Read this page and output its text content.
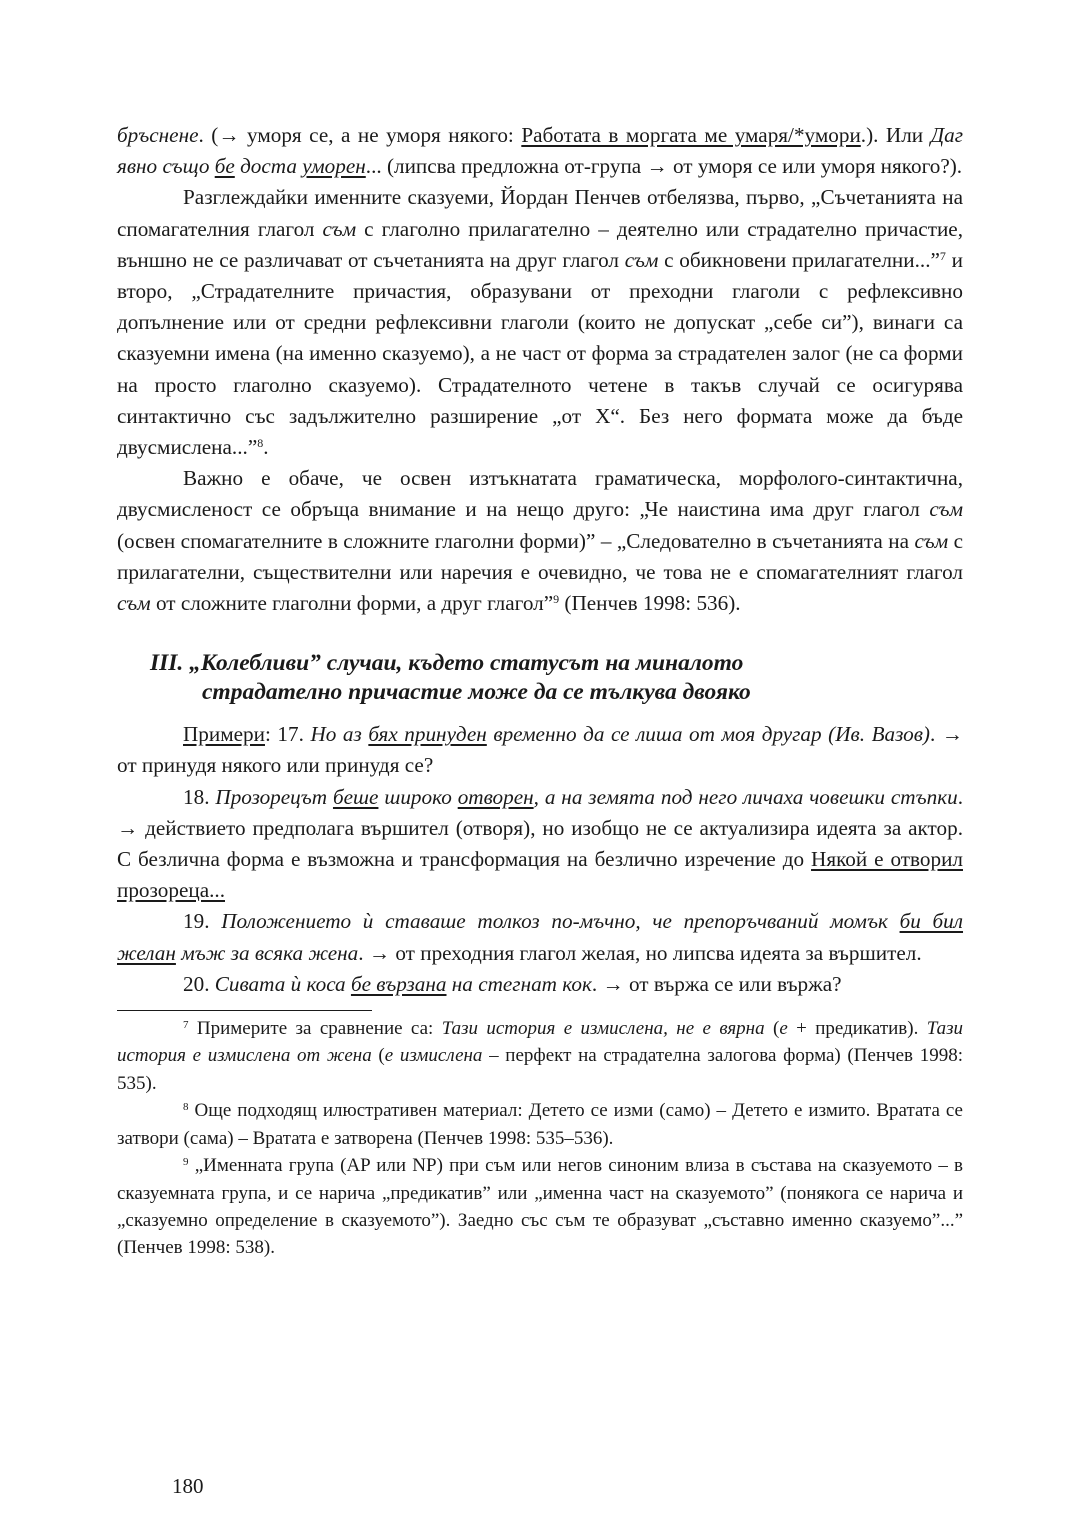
бръснене. (→ уморя се, а не уморя някого: Работата в моргата ме умаря/*умори.). Или Даг явно също бе доста уморен... (липсва предложна от-група → от уморя се или уморя някого?).

Разглеждайки именните сказуеми, Йордан Пенчев отбелязва, първо, „Съчетанията на спомагателния глагол съм с глаголно прилагателно – деятелно или страдателно причастие, външно не се различават от съчетанията на друг глагол съм с обикновени прилагателни...”$^7$ и второ, „Страдателните причастия, образувани от преходни глаголи с рефлексивно допълнение или от средни рефлексивни глаголи (които не допускат „себе си”), винаги са сказуемни имена (на именно сказуемо), а не част от форма за страдателен залог (не са форми на просто глаголно сказуемо). Страдателното четене в такъв случай се осигурява синтактично със задължително разширение „от Х“. Без него формата може да бъде двусмислена...”$^8$.

Важно е обаче, че освен изтъкнатата граматическа, морфолого-синтактична, двусмисленост се обръща внимание и на нещо друго: „Че наистина има друг глагол съм (освен спомагателните в сложните глаголни форми)” – „Следователно в съчетанията на съм с прилагателни, съществителни или наречия е очевидно, че това не е спомагателният глагол съм от сложните глаголни форми, а друг глагол”$^9$ (Пенчев 1998: 536).

III. „Колебливи” случаи, където статусът на миналото
страдателно причастие може да се тълкува двояко

Примери: 17. Но аз бях принуден временно да се лиша от моя другар (Ив. Вазов). → от принудя някого или принудя се?

18. Прозорецът беше широко отворен, а на земята под него личаха човешки стъпки. → действието предполага вършител (отворя), но изобщо не се актуализира идеята за актор. С безлична форма е възможна и трансформация на безлично изречение до Някой е отворил прозореца...

19. Положението ѝ ставаше толкоз по-мъчно, че препоръчваний момък би бил желан мъж за всяка жена. → от преходния глагол желая, но липсва идеята за вършител.

20. Сивата ѝ коса бе вързана на стегнат кок. → от вържа се или вържа?

$^7$ Примерите за сравнение са: Тази история е измислена, не е вярна (е + предикатив). Тази история е измислена от жена (е измислена – перфект на страдателна залогова форма) (Пенчев 1998: 535).

$^8$ Още подходящ илюстративен материал: Детето се изми (само) – Детето е измито. Вратата се затвори (сама) – Вратата е затворена (Пенчев 1998: 535–536).

$^9$ „Именната група (AP или NP) при съм или негов синоним влиза в състава на сказуемото – в сказуемната група, и се нарича „предикатив” или „именна част на сказуемото” (понякога се нарича и „сказуемно определение в сказуемото”). Заедно със съм те образуват „съставно именно сказуемо”...” (Пенчев 1998: 538).

180
